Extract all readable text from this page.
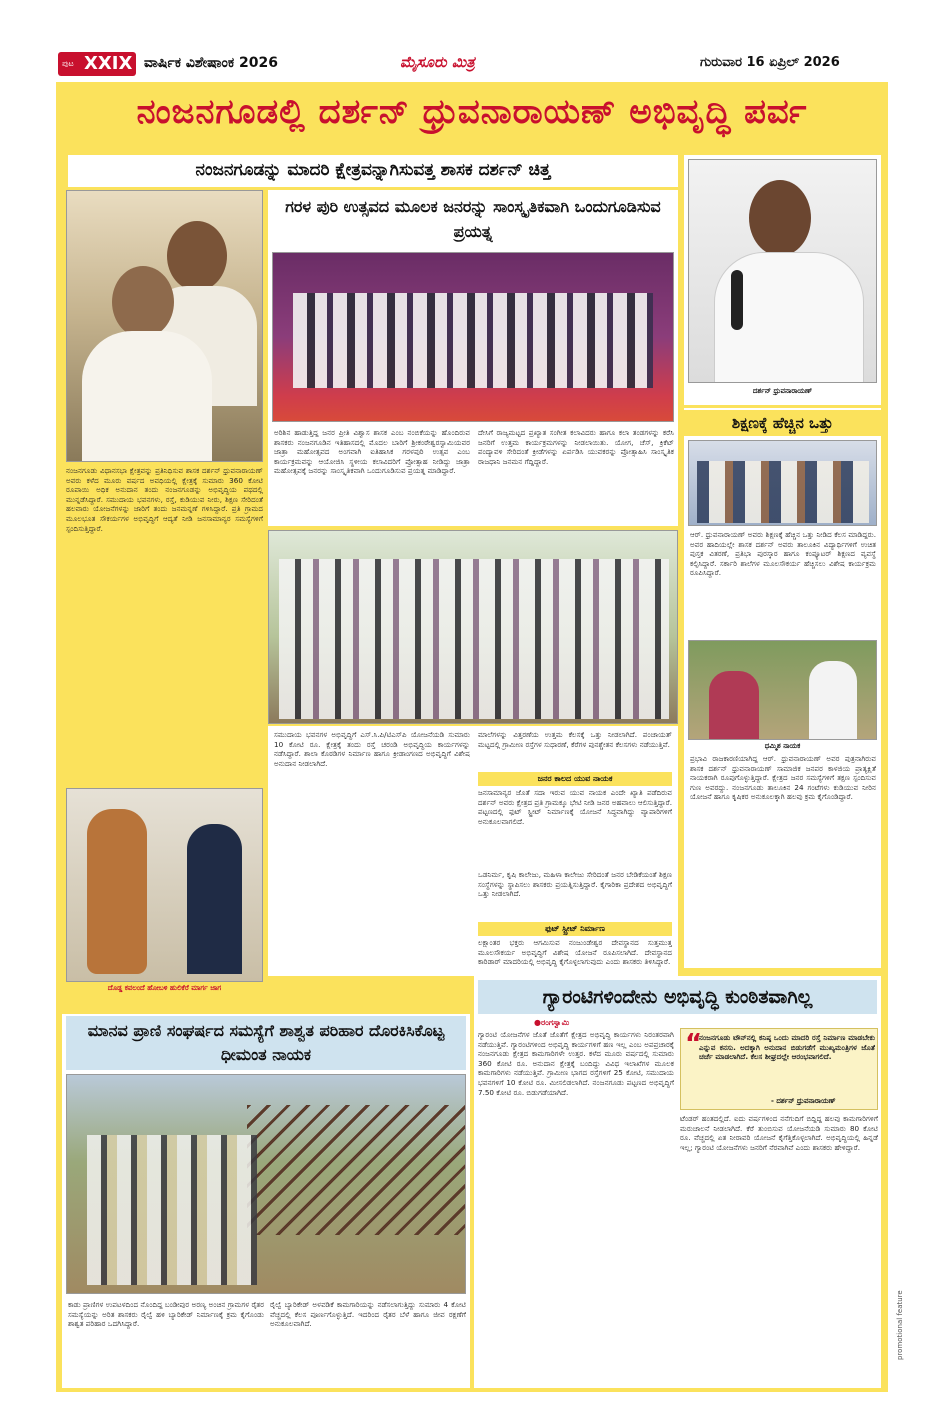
ಪುಟ XXIX ವಾರ್ಷಿಕ ವಿಶೇಷಾಂಕ 2026	ಮೈಸೂರು ಮಿತ್ರ	ಗುರುವಾರ 16 ಏಪ್ರಿಲ್ 2026
ನಂಜನಗೂಡಲ್ಲಿ ದರ್ಶನ್ ಧ್ರುವನಾರಾಯಣ್ ಅಭಿವೃದ್ಧಿ ಪರ್ವ
ನಂಜನಗೂಡನ್ನು ಮಾದರಿ ಕ್ಷೇತ್ರವನ್ನಾಗಿಸುವತ್ತ ಶಾಸಕ ದರ್ಶನ್ ಚಿತ್ತ
ನಂಜನಗೂಡು ವಿಧಾನಸಭಾ ಕ್ಷೇತ್ರವನ್ನು ಪ್ರತಿನಿಧಿಸುವ ಶಾಸಕ ದರ್ಶನ್ ಧ್ರುವನಾರಾಯಣ್ ಅವರು ಕಳೆದ ಮೂರು ವರ್ಷದ ಅವಧಿಯಲ್ಲಿ ಕ್ಷೇತ್ರಕ್ಕೆ ಸುಮಾರು 360 ಕೋಟಿ ರೂಪಾಯಿ ಅಧಿಕ ಅನುದಾನ ತಂದು ನಂಜನಗೂಡನ್ನು ಅಭಿವೃದ್ಧಿಯ ಪಥದಲ್ಲಿ ಮುನ್ನಡೆಸಿದ್ದಾರೆ. ಸಮುದಾಯ ಭವನಗಳು, ರಸ್ತೆ, ಕುಡಿಯುವ ನೀರು, ಶಿಕ್ಷಣ ಸೇರಿದಂತೆ ಹಲವಾರು ಯೋಜನೆಗಳನ್ನು ಜಾರಿಗೆ ತಂದು ಜನಮನ್ನಣೆ ಗಳಿಸಿದ್ದಾರೆ. ಪ್ರತಿ ಗ್ರಾಮದ ಮೂಲಭೂತ ಸೌಕರ್ಯಗಳ ಅಭಿವೃದ್ಧಿಗೆ ಆದ್ಯತೆ ನೀಡಿ ಜನಸಾಮಾನ್ಯರ ಸಮಸ್ಯೆಗಳಿಗೆ ಸ್ಪಂದಿಸುತ್ತಿದ್ದಾರೆ.
ಗರಳ ಪುರಿ ಉತ್ಸವದ ಮೂಲಕ ಜನರನ್ನು ಸಾಂಸ್ಕೃತಿಕವಾಗಿ ಒಂದುಗೂಡಿಸುವ ಪ್ರಯತ್ನ
ಅರಿಶಿನ ಹಾಡುತ್ತಿದ್ದ ಜನರ ಪ್ರೀತಿ ವಿಶ್ವಾಸ ಶಾಸಕ ಎಂಬ ನಂಬಿಕೆಯನ್ನು ಹೊಂದಿರುವ ಶಾಸಕರು ನಂಜನಗೂಡಿನ ಇತಿಹಾಸದಲ್ಲಿ ಮೊದಲ ಬಾರಿಗೆ ಶ್ರೀಕಂಠೇಶ್ವರಸ್ವಾಮಿಯವರ ಜಾತ್ರಾ ಮಹೋತ್ಸವದ ಅಂಗವಾಗಿ ಐತಿಹಾಸಿಕ ಗರಳಪುರಿ ಉತ್ಸವ ಎಂಬ ಕಾರ್ಯಕ್ರಮವನ್ನು ಆಯೋಜಿಸಿ ಸ್ಥಳೀಯ ಕಲಾವಿದರಿಗೆ ಪ್ರೋತ್ಸಾಹ ನೀಡಿದ್ದು ಜಾತ್ರಾ ಮಹೋತ್ಸವಕ್ಕೆ ಜನರನ್ನು ಸಾಂಸ್ಕೃತಿಕವಾಗಿ ಒಂದುಗೂಡಿಸುವ ಪ್ರಯತ್ನ ಮಾಡಿದ್ದಾರೆ.
ದೇಸಿಗೆ ರಾಜ್ಯಮಟ್ಟದ ಪ್ರಖ್ಯಾತ ಸಂಗೀತ ಕಲಾವಿದರು ಹಾಗೂ ಕಲಾ ತಂಡಗಳನ್ನು ಕರೆಸಿ ಜನರಿಗೆ ಉತ್ತಮ ಕಾರ್ಯಕ್ರಮಗಳನ್ನು ನೀಡಲಾಯಿತು. ಯೋಗ, ಚೆಸ್, ಕ್ರಿಕೆಟ್ ಪಂದ್ಯಾವಳಿ ಸೇರಿದಂತೆ ಕ್ರೀಡೆಗಳನ್ನು ಏರ್ಪಡಿಸಿ ಯುವಕರನ್ನು ಪ್ರೋತ್ಸಾಹಿಸಿ ಸಾಂಸ್ಕೃತಿಕ ರಾಜಧಾನಿ ಜನಮನ ಗೆದ್ದಿದ್ದಾರೆ.
ದರ್ಶನ್ ಧ್ರುವನಾರಾಯಣ್
ಶಿಕ್ಷಣಕ್ಕೆ ಹೆಚ್ಚಿನ ಒತ್ತು
ಆರ್. ಧ್ರುವನಾರಾಯಣ್ ಅವರು ಶಿಕ್ಷಣಕ್ಕೆ ಹೆಚ್ಚಿನ ಒತ್ತು ನೀಡಿದ ಕೆಲಸ ಮಾಡಿದ್ದರು. ಅವರ ಹಾದಿಯಲ್ಲೇ ಶಾಸಕ ದರ್ಶನ್ ಅವರು ತಾಲೂಕಿನ ವಿದ್ಯಾರ್ಥಿಗಳಿಗೆ ಉಚಿತ ಪುಸ್ತಕ ವಿತರಣೆ, ಪ್ರತಿಭಾ ಪುರಸ್ಕಾರ ಹಾಗೂ ಕಂಪ್ಯೂಟರ್ ಶಿಕ್ಷಣದ ವ್ಯವಸ್ಥೆ ಕಲ್ಪಿಸಿದ್ದಾರೆ. ಸರ್ಕಾರಿ ಶಾಲೆಗಳ ಮೂಲಸೌಕರ್ಯ ಹೆಚ್ಚಿಸಲು ವಿಶೇಷ ಕಾರ್ಯಕ್ರಮ ರೂಪಿಸಿದ್ದಾರೆ.
ಧಮ್ಮಿಶ ನಾಯಕ
ಪ್ರಭಾವಿ ರಾಜಕಾರಣಿಯಾಗಿದ್ದ ಆರ್. ಧ್ರುವನಾರಾಯಣ್ ಅವರ ಪುತ್ರನಾಗಿರುವ ಶಾಸಕ ದರ್ಶನ್ ಧ್ರುವನಾರಾಯಣ್ ಸಾಮಾಜಿಕ ಜನಪರ ಕಾಳಜಿಯ ಪ್ರಾತ್ಯಕ್ಷಿತೆ ನಾಯಕರಾಗಿ ರೂಪುಗೊಳ್ಳುತ್ತಿದ್ದಾರೆ. ಕ್ಷೇತ್ರದ ಜನರ ಸಮಸ್ಯೆಗಳಿಗೆ ತಕ್ಷಣ ಸ್ಪಂದಿಸುವ ಗುಣ ಅವರದ್ದು. ನಂಜನಗೂಡು ತಾಲೂಕಿನ 24 ಗಂಟೆಗಳು ಕುಡಿಯುವ ನೀರಿನ ಯೋಜನೆ ಹಾಗೂ ಕೃಷಿಕರ ಅನುಕೂಲಕ್ಕಾಗಿ ಹಲವು ಕ್ರಮ ಕೈಗೊಂಡಿದ್ದಾರೆ.
ಸಮುದಾಯ ಭವನಗಳ ಅಭಿವೃದ್ಧಿಗೆ ಎಸ್.ಸಿ.ಪಿ/ಟಿಎಸ್‌ಪಿ ಯೋಜನೆಯಡಿ ಸುಮಾರು 10 ಕೋಟಿ ರೂ. ಕ್ಷೇತ್ರಕ್ಕೆ ತಂದು ರಸ್ತೆ ಚರಂಡಿ ಅಭಿವೃದ್ಧಿಯ ಕಾರ್ಯಗಳನ್ನು ನಡೆಸಿದ್ದಾರೆ. ಶಾಲಾ ಕೊಠಡಿಗಳ ನಿರ್ಮಾಣ ಹಾಗೂ ಕ್ರೀಡಾಂಗಣದ ಅಭಿವೃದ್ಧಿಗೆ ವಿಶೇಷ ಅನುದಾನ ನೀಡಲಾಗಿದೆ.
ಮಾಲೆಗಳನ್ನು ವಿತ್ತರಣೆಯ ಉತ್ತಮ ಕೆಲಸಕ್ಕೆ ಒತ್ತು ನೀಡಲಾಗಿದೆ. ಪಂಚಾಯತ್ ಮಟ್ಟದಲ್ಲಿ ಗ್ರಾಮೀಣ ರಸ್ತೆಗಳ ಸುಧಾರಣೆ, ಕೆರೆಗಳ ಪುನಶ್ಚೇತನ ಕೆಲಸಗಳು ನಡೆಯುತ್ತಿವೆ.
ಜನರ ಕಾಲದ ಯುವ ನಾಯಕ
ಜನಸಾಮಾನ್ಯರ ಜೊತೆ ಸದಾ ಇರುವ ಯುವ ನಾಯಕ ಎಂದೇ ಖ್ಯಾತಿ ಪಡೆದಿರುವ ದರ್ಶನ್ ಅವರು ಕ್ಷೇತ್ರದ ಪ್ರತಿ ಗ್ರಾಮಕ್ಕೂ ಭೇಟಿ ನೀಡಿ ಜನರ ಅಹವಾಲು ಆಲಿಸುತ್ತಿದ್ದಾರೆ. ಪಟ್ಟಣದಲ್ಲಿ ಫುಟ್ ಸ್ಟ್ರೀಟ್ ನಿರ್ಮಾಣಕ್ಕೆ ಯೋಜನೆ ಸಿದ್ಧವಾಗಿದ್ದು ವ್ಯಾಪಾರಿಗಳಿಗೆ ಅನುಕೂಲವಾಗಲಿದೆ.
ಒಡನಿರ್ಮ, ಕೃಷಿ ಕಾಲೇಜು, ಮಹಿಳಾ ಕಾಲೇಜು ಸೇರಿದಂತೆ ಜನರ ಬೇಡಿಕೆಯಂತೆ ಶಿಕ್ಷಣ ಸಂಸ್ಥೆಗಳನ್ನು ಸ್ಥಾಪಿಸಲು ಶಾಸಕರು ಪ್ರಯತ್ನಿಸುತ್ತಿದ್ದಾರೆ. ಕೈಗಾರಿಕಾ ಪ್ರದೇಶದ ಅಭಿವೃದ್ಧಿಗೆ ಒತ್ತು ನೀಡಲಾಗಿದೆ.
ಫುಟ್ ಸ್ಟ್ರೀಟ್ ನಿರ್ಮಾಣ
ಲಕ್ಷಾಂತರ ಭಕ್ತರು ಆಗಮಿಸುವ ನಂಜುಂಡೇಶ್ವರ ದೇವಸ್ಥಾನದ ಸುತ್ತಮುತ್ತ ಮೂಲಸೌಕರ್ಯ ಅಭಿವೃದ್ಧಿಗೆ ವಿಶೇಷ ಯೋಜನೆ ರೂಪಿಸಲಾಗಿದೆ. ದೇವಸ್ಥಾನದ ಕಾರಿಡಾರ್ ಮಾದರಿಯಲ್ಲಿ ಅಭಿವೃದ್ಧಿ ಕೈಗೊಳ್ಳಲಾಗುವುದು ಎಂದು ಶಾಸಕರು ತಿಳಿಸಿದ್ದಾರೆ.
ದೊಡ್ಡ ಕವಲಂದೆ ಹೋಬಳಿ ಹುಲಿಕೆರೆ ಮಾರ್ಗ ಜಾಗ	ಗ್ಯಾರಂಟಿಗಳಿಂದೇನು ಅಭಿವೃದ್ಧಿ ಕುಂಠಿತವಾಗಿಲ್ಲ
●ರಂಗಸ್ವಾಮಿ
ಗ್ಯಾರಂಟಿ ಯೋಜನೆಗಳ ಜೊತೆ ಜೊತೆಗೆ ಕ್ಷೇತ್ರದ ಅಭಿವೃದ್ಧಿ ಕಾರ್ಯಗಳು ನಿರಂತರವಾಗಿ ನಡೆಯುತ್ತಿವೆ. ಗ್ಯಾರಂಟಿಗಳಿಂದ ಅಭಿವೃದ್ಧಿ ಕಾರ್ಯಗಳಿಗೆ ಹಣ ಇಲ್ಲ ಎಂಬ ಅಪಪ್ರಚಾರಕ್ಕೆ ನಂಜನಗೂಡು ಕ್ಷೇತ್ರದ ಕಾಮಗಾರಿಗಳೇ ಉತ್ತರ. ಕಳೆದ ಮೂರು ವರ್ಷದಲ್ಲಿ ಸುಮಾರು 360 ಕೋಟಿ ರೂ. ಅನುದಾನ ಕ್ಷೇತ್ರಕ್ಕೆ ಬಂದಿದ್ದು ವಿವಿಧ ಇಲಾಖೆಗಳ ಮೂಲಕ ಕಾಮಗಾರಿಗಳು ನಡೆಯುತ್ತಿವೆ. ಗ್ರಾಮೀಣ ಭಾಗದ ರಸ್ತೆಗಳಿಗೆ 25 ಕೋಟಿ, ಸಮುದಾಯ ಭವನಗಳಿಗೆ 10 ಕೋಟಿ ರೂ. ಮೀಸಲಿಡಲಾಗಿದೆ. ನಂಜನಗೂಡು ಪಟ್ಟಣದ ಅಭಿವೃದ್ಧಿಗೆ 7.50 ಕೋಟಿ ರೂ. ಬಿಡುಗಡೆಯಾಗಿದೆ.
“
ನಂಜನಗೂಡು ಟೌನ್‌ನಲ್ಲಿ ಕನಿಷ್ಠ ಒಂದು ಮಾದರಿ ರಸ್ತೆ ನಿರ್ಮಾಣ ಮಾಡಬೇಕು ಎನ್ನುವ ಕನಸು. ಅದಕ್ಕಾಗಿ ಅನುದಾನ ಬಿಡುಗಡೆಗೆ ಮುಖ್ಯಮಂತ್ರಿಗಳ ಜೊತೆ ಚರ್ಚೆ ಮಾಡಲಾಗಿದೆ. ಕೆಲಸ ಶೀಘ್ರದಲ್ಲೇ ಆರಂಭವಾಗಲಿದೆ.
- ದರ್ಶನ್ ಧ್ರುವನಾರಾಯಣ್
ಟೆಂಡರ್ ಹಂತದಲ್ಲಿದೆ. ಐದು ವರ್ಷಗಳಿಂದ ನನೆಗುದಿಗೆ ಬಿದ್ದಿದ್ದ ಹಲವು ಕಾಮಗಾರಿಗಳಿಗೆ ಮರುಚಾಲನೆ ನೀಡಲಾಗಿದೆ. ಕೆರೆ ತುಂಬಿಸುವ ಯೋಜನೆಯಡಿ ಸುಮಾರು 80 ಕೋಟಿ ರೂ. ವೆಚ್ಚದಲ್ಲಿ ಏತ ನೀರಾವರಿ ಯೋಜನೆ ಕೈಗೆತ್ತಿಕೊಳ್ಳಲಾಗಿದೆ. ಅಭಿವೃದ್ಧಿಯಲ್ಲಿ ಹಿನ್ನಡೆ ಇಲ್ಲ; ಗ್ಯಾರಂಟಿ ಯೋಜನೆಗಳು ಜನರಿಗೆ ನೆರವಾಗಿವೆ ಎಂದು ಶಾಸಕರು ಹೇಳಿದ್ದಾರೆ.
ಮಾನವ ಪ್ರಾಣಿ ಸಂಘರ್ಷದ ಸಮಸ್ಯೆಗೆ ಶಾಶ್ವತ ಪರಿಹಾರ ದೊರಕಿಸಿಕೊಟ್ಟ ಧೀಮಂತ ನಾಯಕ
ಕಾಡು ಪ್ರಾಣಿಗಳ ಉಪಟಳದಿಂದ ನೊಂದಿದ್ದ ಬಂಡೀಪುರ ಅರಣ್ಯ ಅಂಚಿನ ಗ್ರಾಮಗಳ ರೈತರ ಸಮಸ್ಯೆಯನ್ನು ಅರಿತ ಶಾಸಕರು ರೈಲ್ವೆ ಹಳಿ ಬ್ಯಾರಿಕೇಡ್ ನಿರ್ಮಾಣಕ್ಕೆ ಕ್ರಮ ಕೈಗೊಂಡು ಶಾಶ್ವತ ಪರಿಹಾರ ಒದಗಿಸಿದ್ದಾರೆ.
ರೈಲ್ವೆ ಬ್ಯಾರಿಕೇಡ್ ಅಳವಡಿಕೆ ಕಾಮಗಾರಿಯನ್ನು ನಡೆಸಲಾಗುತ್ತಿದ್ದು ಸುಮಾರು 4 ಕೋಟಿ ವೆಚ್ಚದಲ್ಲಿ ಕೆಲಸ ಪೂರ್ಣಗೊಳ್ಳುತ್ತಿದೆ. ಇದರಿಂದ ರೈತರ ಬೆಳೆ ಹಾಗೂ ಜೀವ ರಕ್ಷಣೆಗೆ ಅನುಕೂಲವಾಗಿದೆ.	promotional feature
